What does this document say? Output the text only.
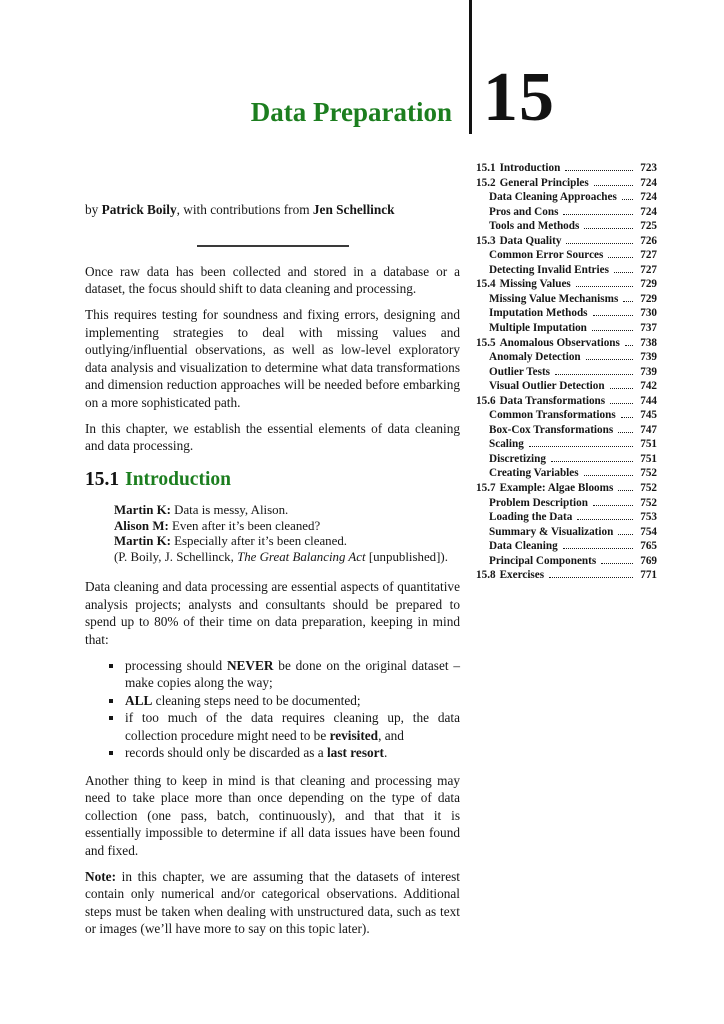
Data Preparation 15
15.1 Introduction	723
15.2 General Principles	724
Data Cleaning Approaches	724
Pros and Cons	724
Tools and Methods	725
15.3 Data Quality	726
Common Error Sources	727
Detecting Invalid Entries	727
15.4 Missing Values	729
Missing Value Mechanisms	729
Imputation Methods	730
Multiple Imputation	737
15.5 Anomalous Observations	738
Anomaly Detection	739
Outlier Tests	739
Visual Outlier Detection	742
15.6 Data Transformations	744
Common Transformations	745
Box-Cox Transformations	747
Scaling	751
Discretizing	751
Creating Variables	752
15.7 Example: Algae Blooms	752
Problem Description	752
Loading the Data	753
Summary & Visualization	754
Data Cleaning	765
Principal Components	769
15.8 Exercises	771

by Patrick Boily, with contributions from Jen Schellinck

Once raw data has been collected and stored in a database or a dataset, the focus should shift to data cleaning and processing.

This requires testing for soundness and fixing errors, designing and implementing strategies to deal with missing values and outlying/influential observations, as well as low-level exploratory data analysis and visualization to determine what data transformations and dimension reduction approaches will be needed before embarking on a more sophisticated path.

In this chapter, we establish the essential elements of data cleaning and data processing.

15.1 Introduction
Martin K: Data is messy, Alison.
Alison M: Even after it’s been cleaned?
Martin K: Especially after it’s been cleaned.
(P. Boily, J. Schellinck, The Great Balancing Act [unpublished]).

Data cleaning and data processing are essential aspects of quantitative analysis projects; analysts and consultants should be prepared to spend up to 80% of their time on data preparation, keeping in mind that:

▪ processing should NEVER be done on the original dataset – make copies along the way;
▪ ALL cleaning steps need to be documented;
▪ if too much of the data requires cleaning up, the data collection procedure might need to be revisited, and
▪ records should only be discarded as a last resort.

Another thing to keep in mind is that cleaning and processing may need to take place more than once depending on the type of data collection (one pass, batch, continuously), and that that it is essentially impossible to determine if all data issues have been found and fixed.

Note: in this chapter, we are assuming that the datasets of interest contain only numerical and/or categorical observations. Additional steps must be taken when dealing with unstructured data, such as text or images (we’ll have more to say on this topic later).
